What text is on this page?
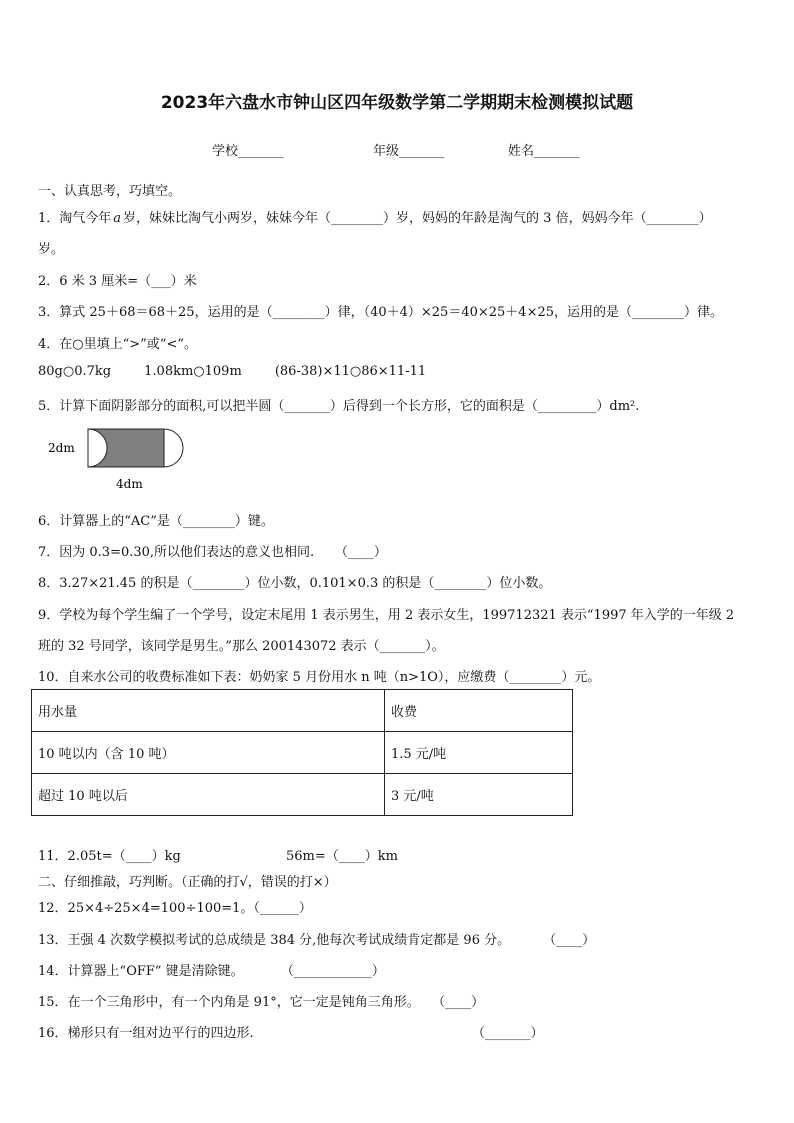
2023年六盘水市钟山区四年级数学第二学期期末检测模拟试题
学校_______	年级_______	姓名_______
一、认真思考，巧填空。
1．淘气今年 a 岁，妹妹比淘气小两岁，妹妹今年（________）岁，妈妈的年龄是淘气的 3 倍，妈妈今年（________）
岁。
2．6 米 3 厘米=（___）米
3．算式 25＋68＝68＋25，运用的是（________）律，（40＋4）×25＝40×25＋4×25，运用的是（________）律。
4．在○里填上“>”或“<”。
80g○0.7kg        1.08km○109m        (86-38)×11○86×11-11
5．计算下面阴影部分的面积,可以把半圆（_______）后得到一个长方形，它的面积是（_________）dm².
2dm
4dm
6．计算器上的“AC”是（________）键。
7．因为 0.3=0.30,所以他们表达的意义也相同.     （____）
8．3.27×21.45 的积是（________）位小数，0.101×0.3 的积是（________）位小数。
9．学校为每个学生编了一个学号，设定末尾用 1 表示男生，用 2 表示女生，199712321 表示“1997 年入学的一年级 2
班的 32 号同学，该同学是男生。”那么 200143072 表示（_______）。
10．自来水公司的收费标准如下表：奶奶家 5 月份用水 n 吨（n>1O），应缴费（________）元。
用水量	收费
10 吨以内（含 10 吨）	1.5 元/吨
超过 10 吨以后	3 元/吨
11．2.05t=（____）kg	56m=（____）km
二、仔细推敲，巧判断。（正确的打√，错误的打×）
12．25×4÷25×4=100÷100=1。（______）
13．王强 4 次数学模拟考试的总成绩是 384 分,他每次考试成绩肯定都是 96 分。        （____）
14．计算器上“OFF” 键是清除键。         （____________）
15．在一个三角形中，有一个内角是 91°，它一定是钝角三角形。   （____）
16．梯形只有一组对边平行的四边形.	（_______）
